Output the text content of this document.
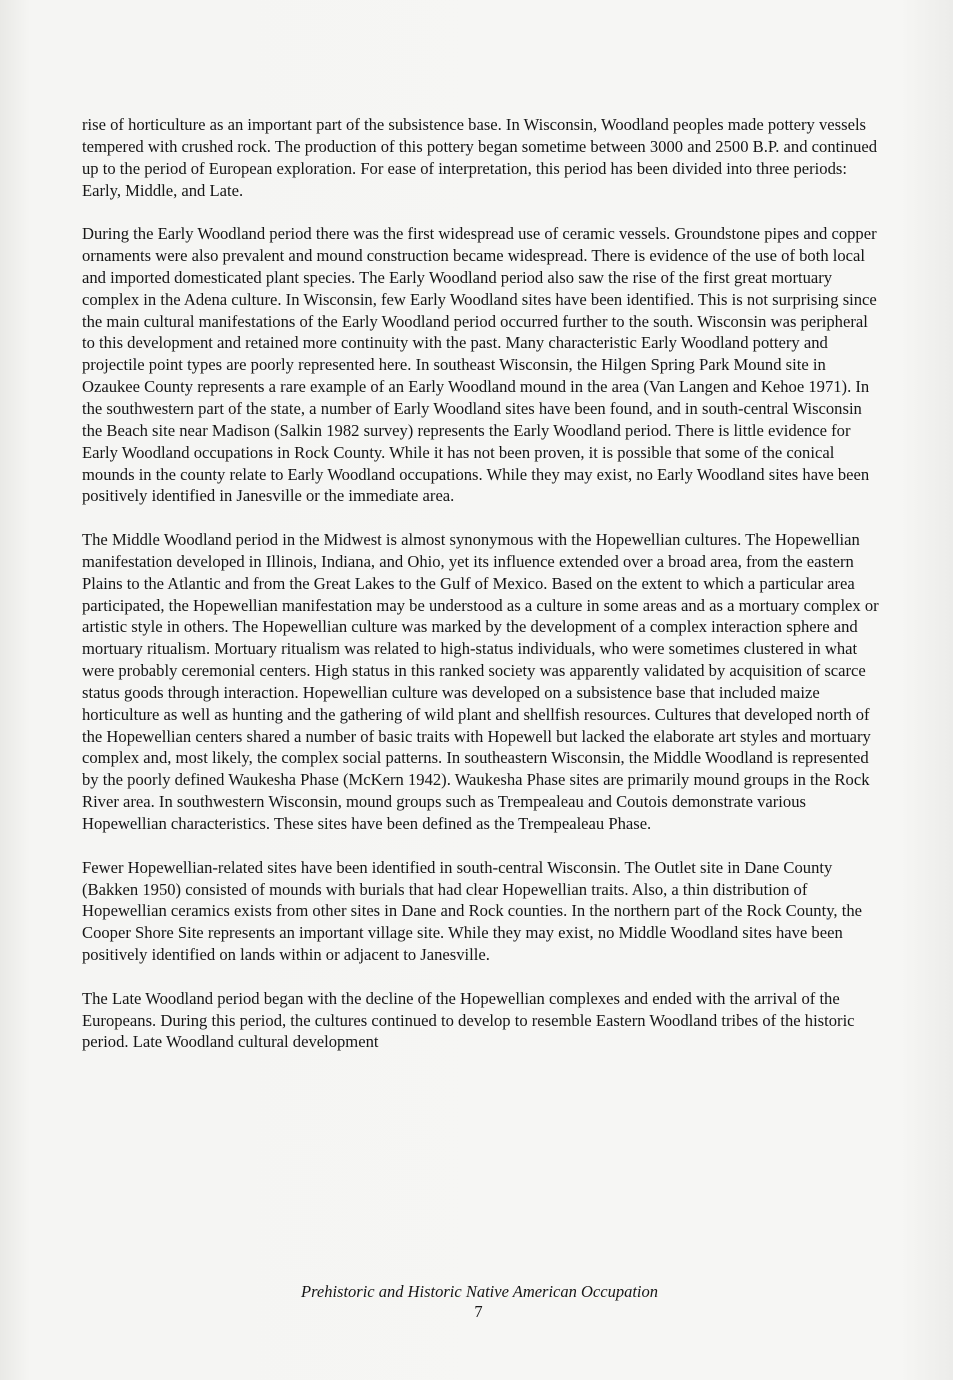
rise of horticulture as an important part of the subsistence base. In Wisconsin, Woodland peoples made pottery vessels tempered with crushed rock. The production of this pottery began sometime between 3000 and 2500 B.P. and continued up to the period of European exploration. For ease of interpretation, this period has been divided into three periods: Early, Middle, and Late.

During the Early Woodland period there was the first widespread use of ceramic vessels. Groundstone pipes and copper ornaments were also prevalent and mound construction became widespread. There is evidence of the use of both local and imported domesticated plant species. The Early Woodland period also saw the rise of the first great mortuary complex in the Adena culture. In Wisconsin, few Early Woodland sites have been identified. This is not surprising since the main cultural manifestations of the Early Woodland period occurred further to the south. Wisconsin was peripheral to this development and retained more continuity with the past. Many characteristic Early Woodland pottery and projectile point types are poorly represented here. In southeast Wisconsin, the Hilgen Spring Park Mound site in Ozaukee County represents a rare example of an Early Woodland mound in the area (Van Langen and Kehoe 1971). In the southwestern part of the state, a number of Early Woodland sites have been found, and in south-central Wisconsin the Beach site near Madison (Salkin 1982 survey) represents the Early Woodland period. There is little evidence for Early Woodland occupations in Rock County. While it has not been proven, it is possible that some of the conical mounds in the county relate to Early Woodland occupations. While they may exist, no Early Woodland sites have been positively identified in Janesville or the immediate area.

The Middle Woodland period in the Midwest is almost synonymous with the Hopewellian cultures. The Hopewellian manifestation developed in Illinois, Indiana, and Ohio, yet its influence extended over a broad area, from the eastern Plains to the Atlantic and from the Great Lakes to the Gulf of Mexico. Based on the extent to which a particular area participated, the Hopewellian manifestation may be understood as a culture in some areas and as a mortuary complex or artistic style in others. The Hopewellian culture was marked by the development of a complex interaction sphere and mortuary ritualism. Mortuary ritualism was related to high-status individuals, who were sometimes clustered in what were probably ceremonial centers. High status in this ranked society was apparently validated by acquisition of scarce status goods through interaction. Hopewellian culture was developed on a subsistence base that included maize horticulture as well as hunting and the gathering of wild plant and shellfish resources. Cultures that developed north of the Hopewellian centers shared a number of basic traits with Hopewell but lacked the elaborate art styles and mortuary complex and, most likely, the complex social patterns. In southeastern Wisconsin, the Middle Woodland is represented by the poorly defined Waukesha Phase (McKern 1942). Waukesha Phase sites are primarily mound groups in the Rock River area. In southwestern Wisconsin, mound groups such as Trempealeau and Coutois demonstrate various Hopewellian characteristics. These sites have been defined as the Trempealeau Phase.

Fewer Hopewellian-related sites have been identified in south-central Wisconsin. The Outlet site in Dane County (Bakken 1950) consisted of mounds with burials that had clear Hopewellian traits. Also, a thin distribution of Hopewellian ceramics exists from other sites in Dane and Rock counties. In the northern part of the Rock County, the Cooper Shore Site represents an important village site. While they may exist, no Middle Woodland sites have been positively identified on lands within or adjacent to Janesville.

The Late Woodland period began with the decline of the Hopewellian complexes and ended with the arrival of the Europeans. During this period, the cultures continued to develop to resemble Eastern Woodland tribes of the historic period. Late Woodland cultural development

Prehistoric and Historic Native American Occupation
7
